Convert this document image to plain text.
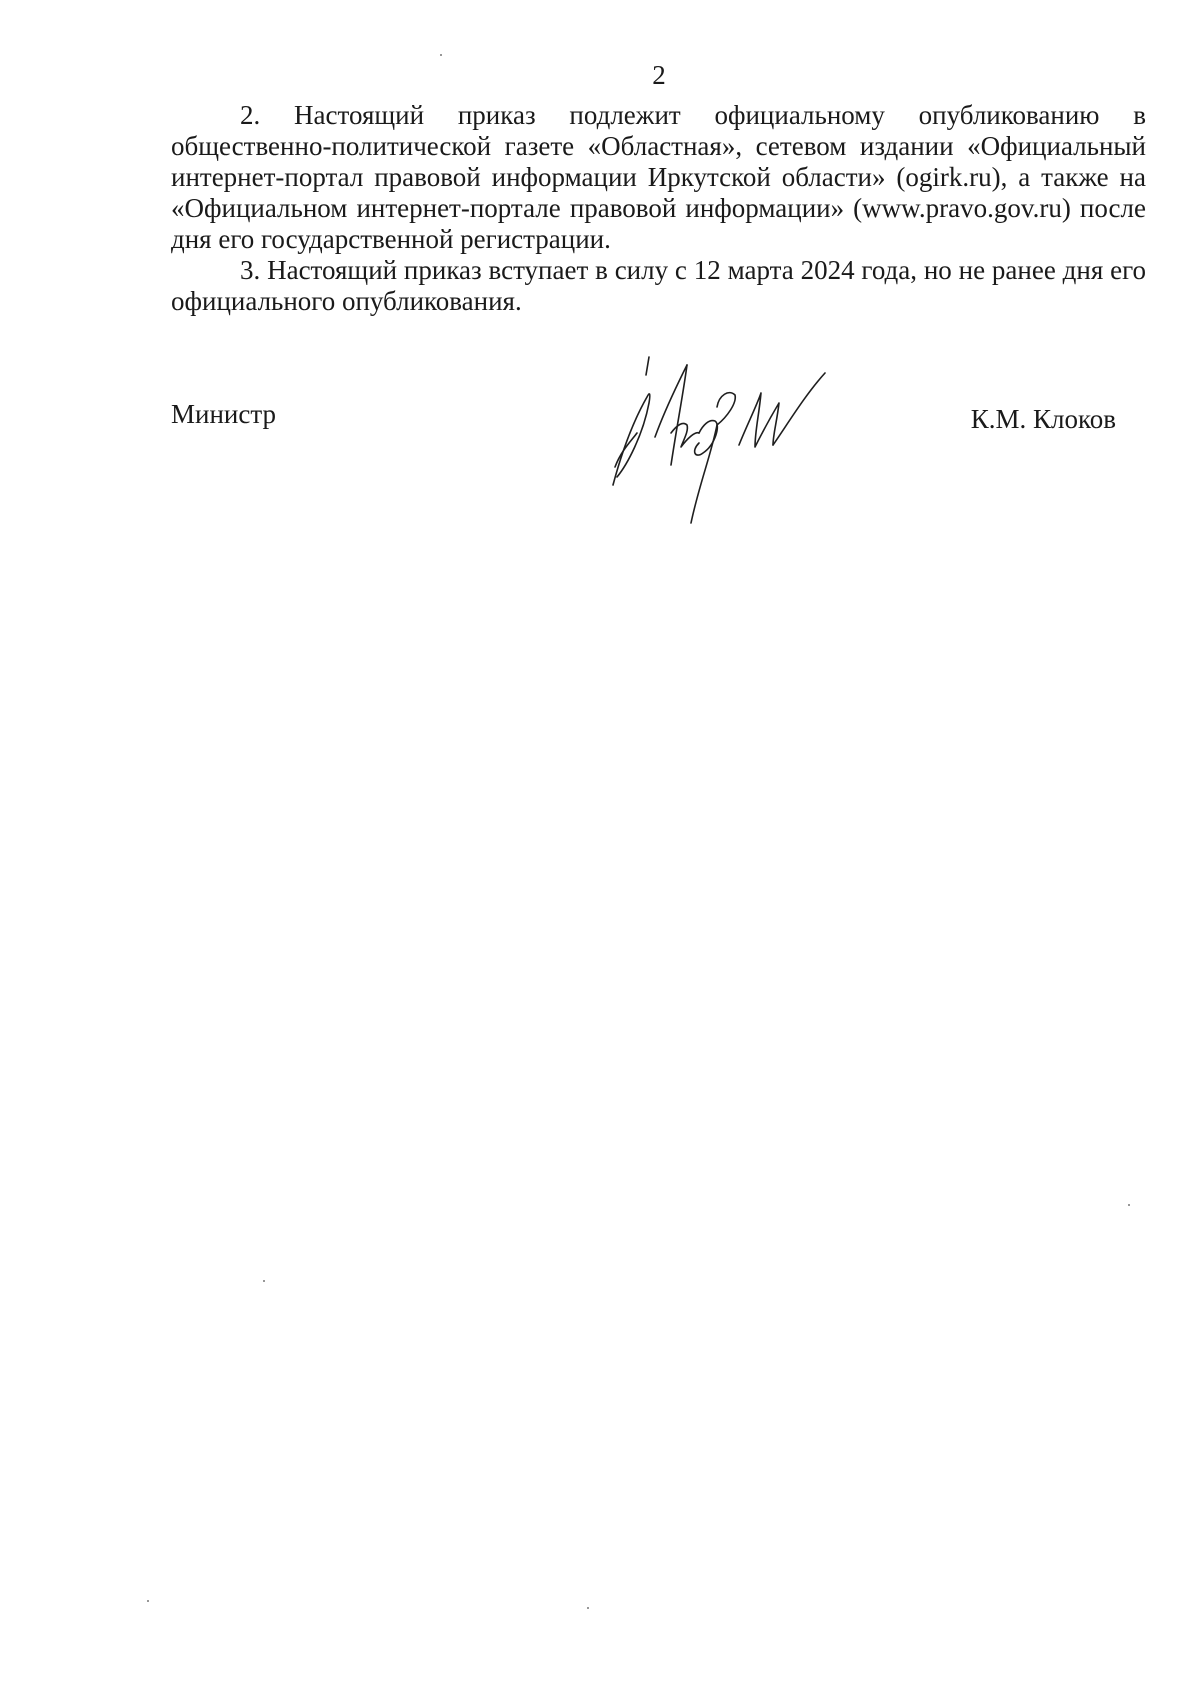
2

2. Настоящий приказ подлежит официальному опубликованию в общественно-политической газете «Областная», сетевом издании «Официальный интернет-портал правовой информации Иркутской области» (ogirk.ru), а также на «Официальном интернет-портале правовой информации» (www.pravo.gov.ru) после дня его государственной регистрации.

3. Настоящий приказ вступает в силу с 12 марта 2024 года, но не ранее дня его официального опубликования.

Министр	К.М. Клоков
